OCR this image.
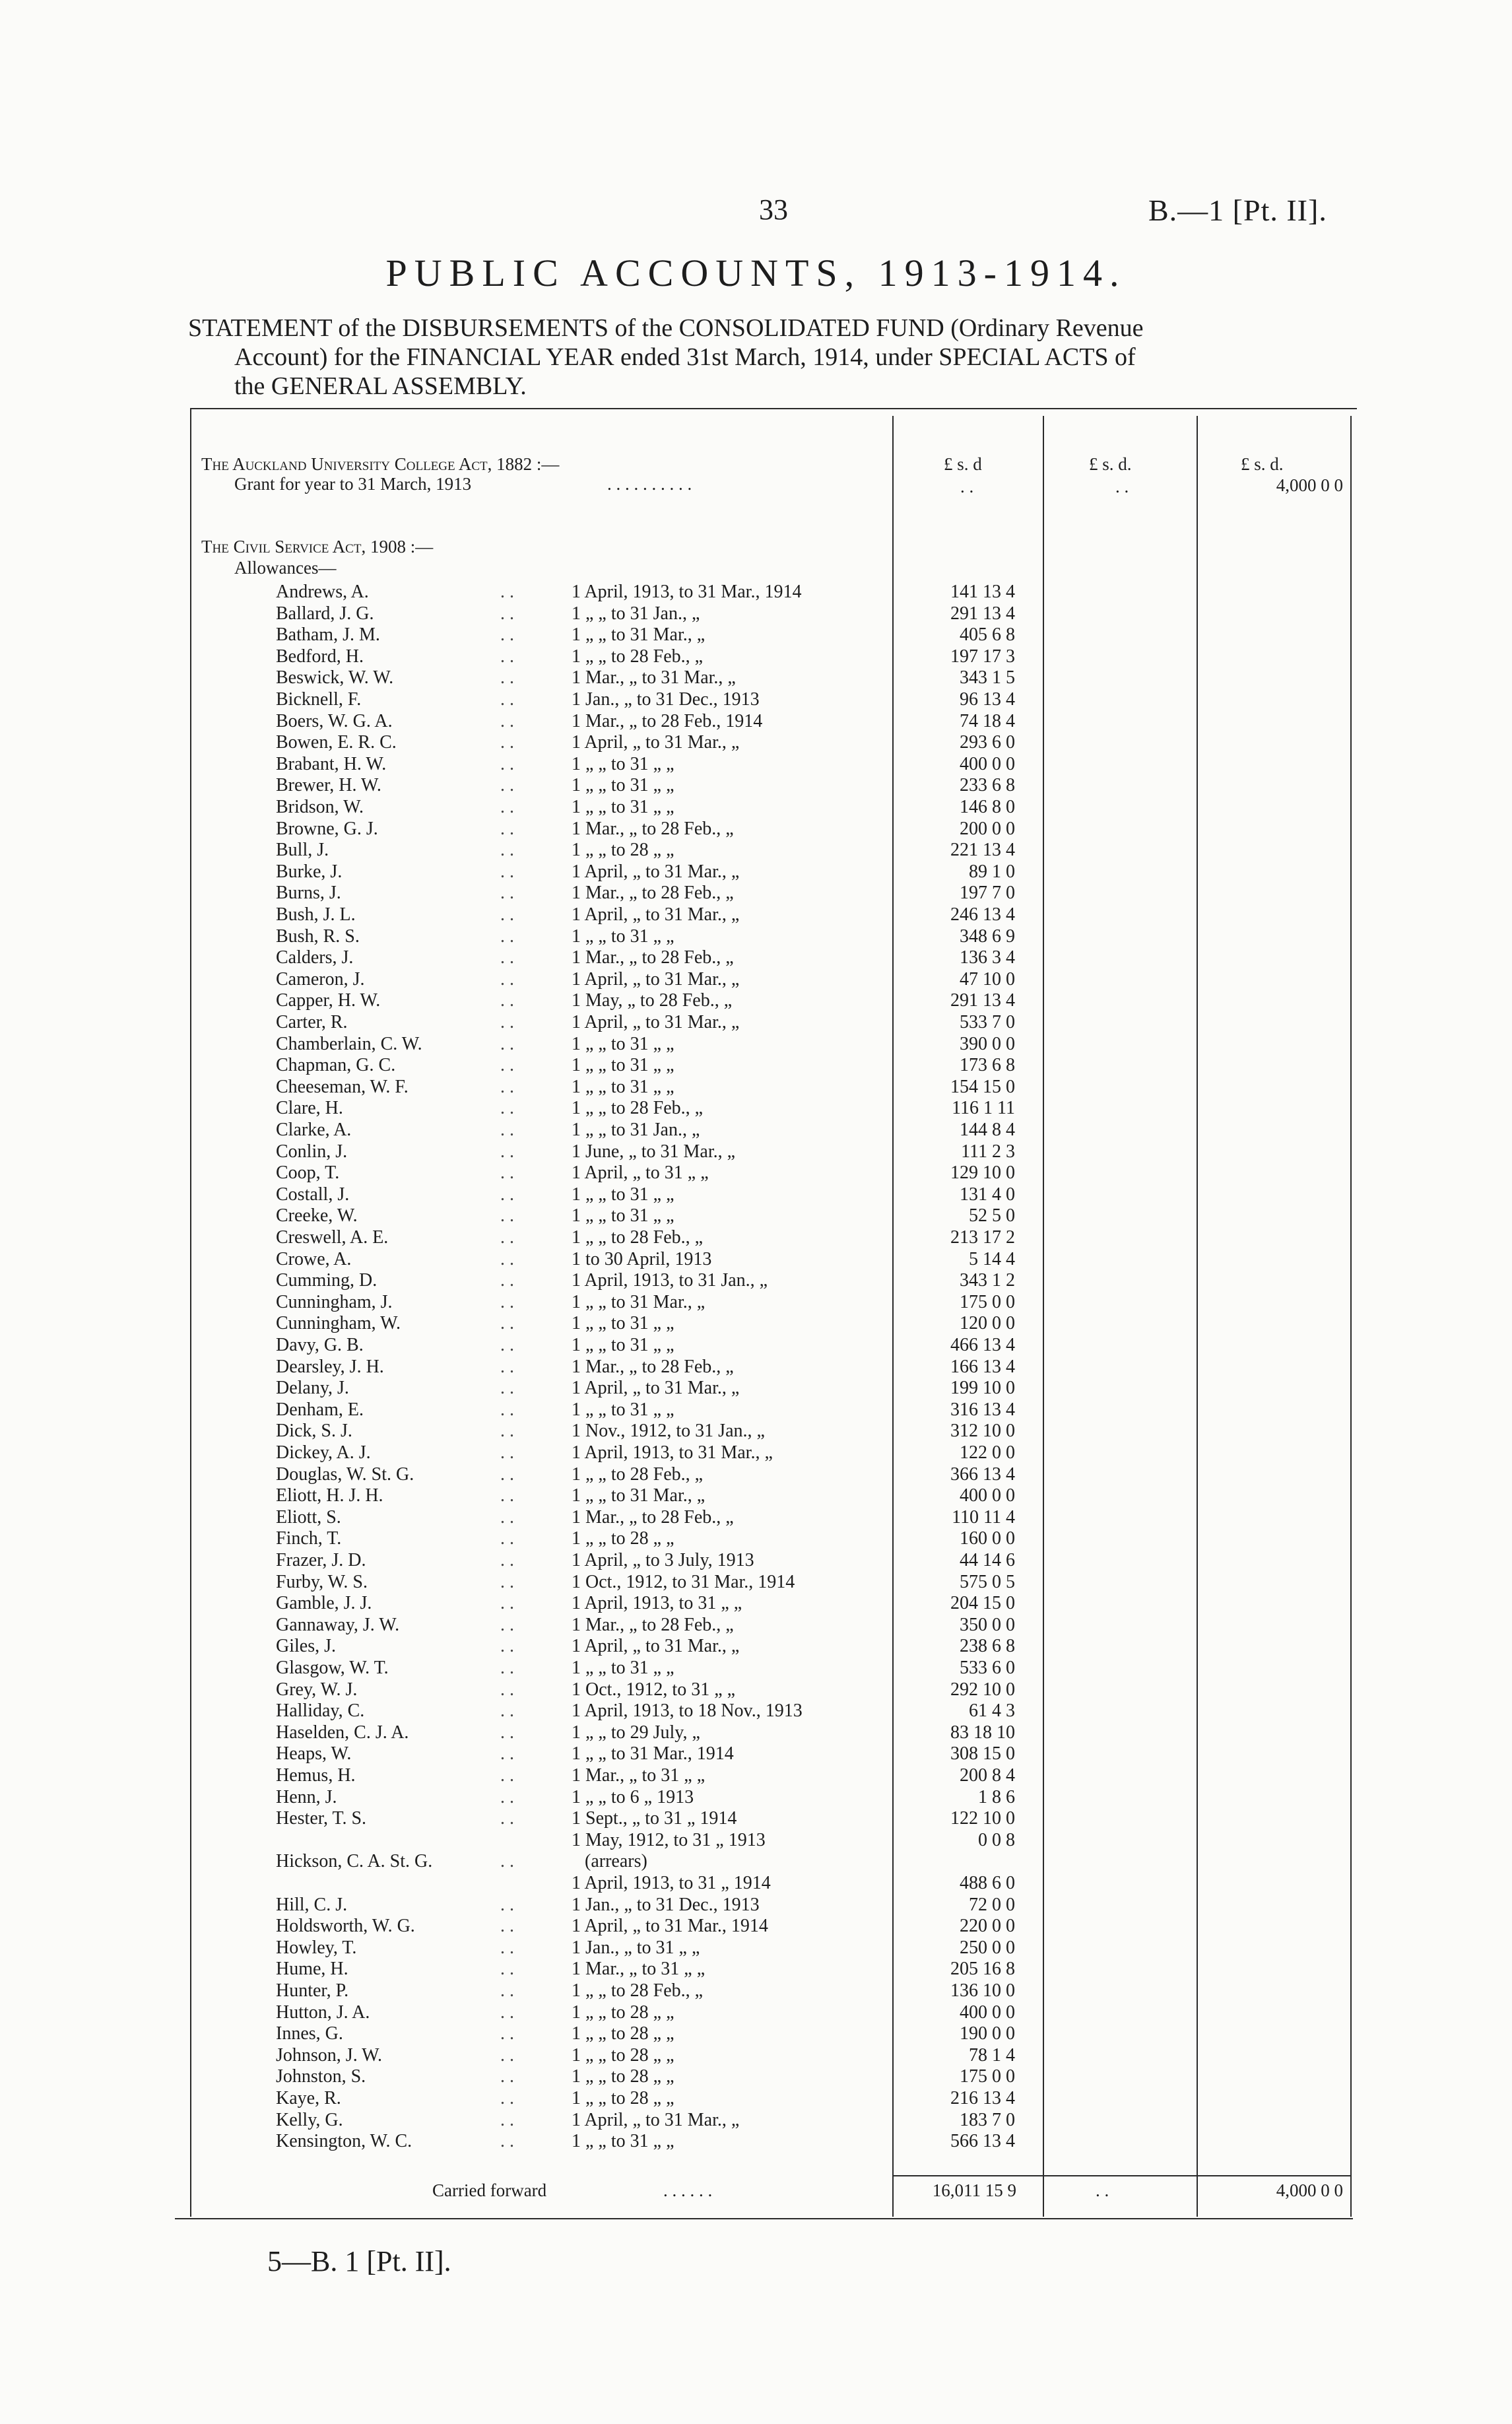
33	B.—1 [Pt. II].
PUBLIC ACCOUNTS, 1913-1914.
STATEMENT of the DISBURSEMENTS of the CONSOLIDATED FUND (Ordinary Revenue
Account) for the FINANCIAL YEAR ended 31st March, 1914, under SPECIAL ACTS of
the GENERAL ASSEMBLY.
£ s. d	£ s. d.	£ s. d.
The Auckland University College Act, 1882 :—
Grant for year to 31 March, 1913	. . . . . . . . . .	. .	. .	4,000 0 0
The Civil Service Act, 1908 :—
Allowances—
Andrews, A.	. .	1 April, 1913, to 31 Mar., 1914	141 13 4
Ballard, J. G.	. .	1 „ „ to 31 Jan., „	291 13 4
Batham, J. M.	. .	1 „ „ to 31 Mar., „	405 6 8
Bedford, H.	. .	1 „ „ to 28 Feb., „	197 17 3
Beswick, W. W.	. .	1 Mar., „ to 31 Mar., „	343 1 5
Bicknell, F.	. .	1 Jan., „ to 31 Dec., 1913	96 13 4
Boers, W. G. A.	. .	1 Mar., „ to 28 Feb., 1914	74 18 4
Bowen, E. R. C.	. .	1 April, „ to 31 Mar., „	293 6 0
Brabant, H. W.	. .	1 „ „ to 31 „ „	400 0 0
Brewer, H. W.	. .	1 „ „ to 31 „ „	233 6 8
Bridson, W.	. .	1 „ „ to 31 „ „	146 8 0
Browne, G. J.	. .	1 Mar., „ to 28 Feb., „	200 0 0
Bull, J.	. .	1 „ „ to 28 „ „	221 13 4
Burke, J.	. .	1 April, „ to 31 Mar., „	89 1 0
Burns, J.	. .	1 Mar., „ to 28 Feb., „	197 7 0
Bush, J. L.	. .	1 April, „ to 31 Mar., „	246 13 4
Bush, R. S.	. .	1 „ „ to 31 „ „	348 6 9
Calders, J.	. .	1 Mar., „ to 28 Feb., „	136 3 4
Cameron, J.	. .	1 April, „ to 31 Mar., „	47 10 0
Capper, H. W.	. .	1 May, „ to 28 Feb., „	291 13 4
Carter, R.	. .	1 April, „ to 31 Mar., „	533 7 0
Chamberlain, C. W.	. .	1 „ „ to 31 „ „	390 0 0
Chapman, G. C.	. .	1 „ „ to 31 „ „	173 6 8
Cheeseman, W. F.	. .	1 „ „ to 31 „ „	154 15 0
Clare, H.	. .	1 „ „ to 28 Feb., „	116 1 11
Clarke, A.	. .	1 „ „ to 31 Jan., „	144 8 4
Conlin, J.	. .	1 June, „ to 31 Mar., „	111 2 3
Coop, T.	. .	1 April, „ to 31 „ „	129 10 0
Costall, J.	. .	1 „ „ to 31 „ „	131 4 0
Creeke, W.	. .	1 „ „ to 31 „ „	52 5 0
Creswell, A. E.	. .	1 „ „ to 28 Feb., „	213 17 2
Crowe, A.	. .	1 to 30 April, 1913	5 14 4
Cumming, D.	. .	1 April, 1913, to 31 Jan., „	343 1 2
Cunningham, J.	. .	1 „ „ to 31 Mar., „	175 0 0
Cunningham, W.	. .	1 „ „ to 31 „ „	120 0 0
Davy, G. B.	. .	1 „ „ to 31 „ „	466 13 4
Dearsley, J. H.	. .	1 Mar., „ to 28 Feb., „	166 13 4
Delany, J.	. .	1 April, „ to 31 Mar., „	199 10 0
Denham, E.	. .	1 „ „ to 31 „ „	316 13 4
Dick, S. J.	. .	1 Nov., 1912, to 31 Jan., „	312 10 0
Dickey, A. J.	. .	1 April, 1913, to 31 Mar., „	122 0 0
Douglas, W. St. G.	. .	1 „ „ to 28 Feb., „	366 13 4
Eliott, H. J. H.	. .	1 „ „ to 31 Mar., „	400 0 0
Eliott, S.	. .	1 Mar., „ to 28 Feb., „	110 11 4
Finch, T.	. .	1 „ „ to 28 „ „	160 0 0
Frazer, J. D.	. .	1 April, „ to 3 July, 1913	44 14 6
Furby, W. S.	. .	1 Oct., 1912, to 31 Mar., 1914	575 0 5
Gamble, J. J.	. .	1 April, 1913, to 31 „ „	204 15 0
Gannaway, J. W.	. .	1 Mar., „ to 28 Feb., „	350 0 0
Giles, J.	. .	1 April, „ to 31 Mar., „	238 6 8
Glasgow, W. T.	. .	1 „ „ to 31 „ „	533 6 0
Grey, W. J.	. .	1 Oct., 1912, to 31 „ „	292 10 0
Halliday, C.	. .	1 April, 1913, to 18 Nov., 1913	61 4 3
Haselden, C. J. A.	. .	1 „ „ to 29 July, „	83 18 10
Heaps, W.	. .	1 „ „ to 31 Mar., 1914	308 15 0
Hemus, H.	. .	1 Mar., „ to 31 „ „	200 8 4
Henn, J.	. .	1 „ „ to 6 „ 1913	1 8 6
Hester, T. S.	. .	1 Sept., „ to 31 „ 1914	122 10 0
1 May, 1912, to 31 „ 1913	0 0 8
Hickson, C. A. St. G.	. .	(arrears)
1 April, 1913, to 31 „ 1914	488 6 0
Hill, C. J.	. .	1 Jan., „ to 31 Dec., 1913	72 0 0
Holdsworth, W. G.	. .	1 April, „ to 31 Mar., 1914	220 0 0
Howley, T.	. .	1 Jan., „ to 31 „ „	250 0 0
Hume, H.	. .	1 Mar., „ to 31 „ „	205 16 8
Hunter, P.	. .	1 „ „ to 28 Feb., „	136 10 0
Hutton, J. A.	. .	1 „ „ to 28 „ „	400 0 0
Innes, G.	. .	1 „ „ to 28 „ „	190 0 0
Johnson, J. W.	. .	1 „ „ to 28 „ „	78 1 4
Johnston, S.	. .	1 „ „ to 28 „ „	175 0 0
Kaye, R.	. .	1 „ „ to 28 „ „	216 13 4
Kelly, G.	. .	1 April, „ to 31 Mar., „	183 7 0
Kensington, W. C.	. .	1 „ „ to 31 „ „	566 13 4
Carried forward	. . . . . .	16,011 15 9	. .	4,000 0 0
5—B. 1 [Pt. II].
